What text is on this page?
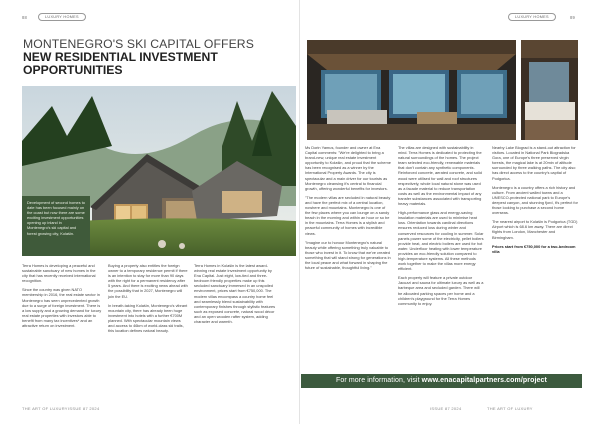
88	LUXURY HOMES
MONTENEGRO'S SKI CAPITAL OFFERS
NEW RESIDENTIAL INVESTMENT OPPORTUNITIES
Development of second homes to date has been focused mainly on the coast but now there are some exciting investment opportunities opening up inland in Montenegro's ski capital and forest growing city, Kolašin.

Terra Homes is developing a peaceful and sustainable sanctuary of new homes in the city that has recently received international recognition.

Since the country was given NATO membership in 2016, the real estate sector in Montenegro has seen unprecedented growth due to a surge of foreign investment. There is a low supply and a growing demand for luxury real estate properties with investors able to benefit from many tax incentives* and an attractive return on investment.

Buying a property also entitles the foreign owner to a temporary residence permit if there is an intention to stay for more than 90 days with the right for a permanent residency after 5 years. And there is exciting news ahead with the possibility that in 2027, Montenegro will join the EU.

In breath-taking Kolašin, Montenegro's vibrant mountain city, there has already been huge investment into hotels with a further €700M planned. With spectacular mountain views and access to 46km of world-class ski trails, this location defines natural beauty.

Terra Homes in Kolašin is the latest award-winning real estate investment opportunity by Ena Capital. Just eight, low-tied and three-bedroom friendly properties make up this secluded sanctuary immersed in an unspoiled environment, prices start from €750,000. The modern villas encompass a country home feel and seamlessly blend sustainability with contemporary finishes through stylistic features such as exposed concrete, natural wood décor and an open wooden rafter system, adding character and warmth.

THE ART OF LUXURY ISSUE 87 2024
LUXURY HOMES	89
ISSUE 87 2024	THE ART OF LUXURY

Ms Dorin Yamus, founder and owner at Ena Capital comments: "We're delighted to bring a brand-new, unique real estate investment opportunity to Kolašin, and proud that the scheme has been recognised as a winner by the International Property Awards. The city is spectacular and a main driver for our tourists as Montenegro cleansing it's central to financial growth, offering wonderful benefits for investors.

"The modern villas are secluded in natural beauty and have the perfect mix of a central location, nowhere and mountains. Montenegro is one of the few places where you can lounge on a sandy beach in the morning and within an hour or so be in the mountains. Terra Homes is a stylish and peaceful community of homes with incredible views.

"Imagine our to honour Montenegro's natural beauty while offering something truly valuable to those who invest in it. To know that we've created something that will stand strong for generations in the local peace and what forward in shaping the future of sustainable, thoughtful living."

The villas are designed with sustainability in mind. Terra Homes is dedicated to protecting the natural surroundings of the homes. The project team selected eco-friendly, renewable materials that don't contain any synthetic components. Reinforced concrete, aerated concrete, and solid wood were utilised for wall and roof structures respectively, whole local natural stone was used as a facade material to reduce transportation costs as well as the environmental impact of any transfer substances associated with transporting heavy materials.

High-performance glass and energy-saving insulation materials are used to minimise heat loss. Orientation towards cardinal directions ensures reduced loss during winter and conserved resources for cooling in summer. Solar panels power some of the electricity, pellet boilers provide heat, and electric boilers are used for hot water. Underfloor heating with lower temperature provides an eco-friendly solution compared to high-temperature systems. All these methods work together to make the villas more energy efficient.

Each property will feature a private outdoor Jacuzzi and sauna for ultimate luxury as well as a barbeque area and secluded garden. There will be allocated parking spaces per home and a children's playground for the Terra Homes community to enjoy.

Nearby Lake Biograd is a stand-out attraction for visitors. Located in National Park Biogradska Gora, one of Europe's three preserved virgin forests, the magical lake is at 20min of altitude surrounded by three walking paths. The city also has direct access to the country's capital of Podgorica.

Montenegro is a country offers a rich history and culture. From ancient walled towns and a UNESCO-protected national park to Europe's deepest canyon, and stunning fjord, it's perfect for those looking to purchase a second home overseas.

The nearest airport to Kolašin is Podgorica (TGD) Airport which is 68.6 km away. There are direct flights from London, Manchester and Birmingham.

Prices start from €750,000 for a two-bedroom villa

For more information, visit www.enacapitalpartners.com/project
